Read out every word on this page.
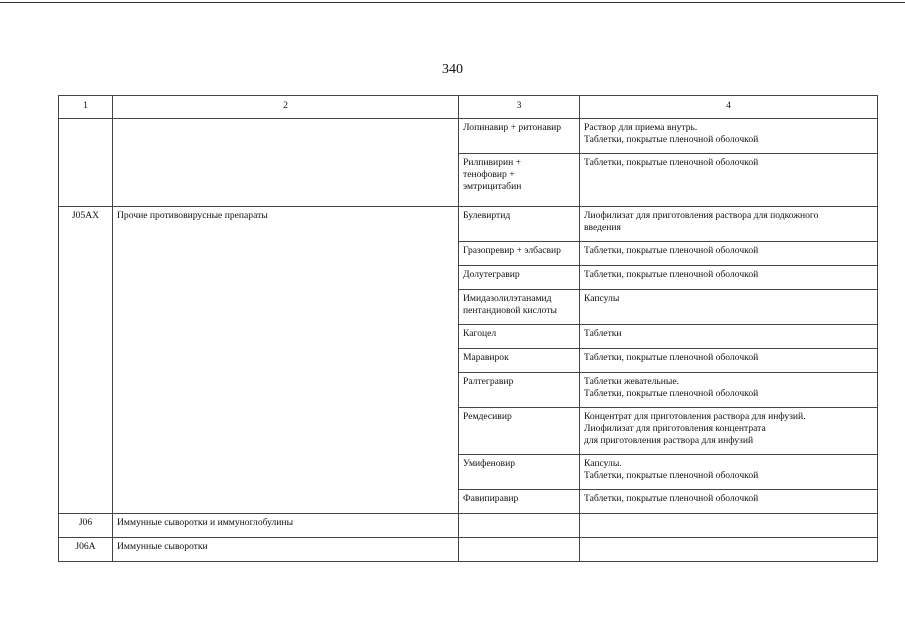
340
1	2	3	4

		Лопинавир + ритонавир	Раствор для приема внутрь.
Таблетки, покрытые пленочной оболочкой

		Рилпивирин +
тенофовир +
эмтрицитабин	Таблетки, покрытые пленочной оболочкой

J05AX	Прочие противовирусные препараты	Булевиртид	Лиофилизат для приготовления раствора для подкожного
введения

		Гразопревир + элбасвир	Таблетки, покрытые пленочной оболочкой

		Долутегравир	Таблетки, покрытые пленочной оболочкой

		Имидазолилэтанамид
пентандиовой кислоты	Капсулы

		Кагоцел	Таблетки

		Маравирок	Таблетки, покрытые пленочной оболочкой

		Ралтегравир	Таблетки жевательные.
Таблетки, покрытые пленочной оболочкой

		Ремдесивир	Концентрат для приготовления раствора для инфузий.
Лиофилизат для приготовления концентрата
для приготовления раствора для инфузий

		Умифеновир	Капсулы.
Таблетки, покрытые пленочной оболочкой

		Фавипиравир	Таблетки, покрытые пленочной оболочкой

J06	Иммунные сыворотки и иммуноглобулины		
J06A	Иммунные сыворотки		
